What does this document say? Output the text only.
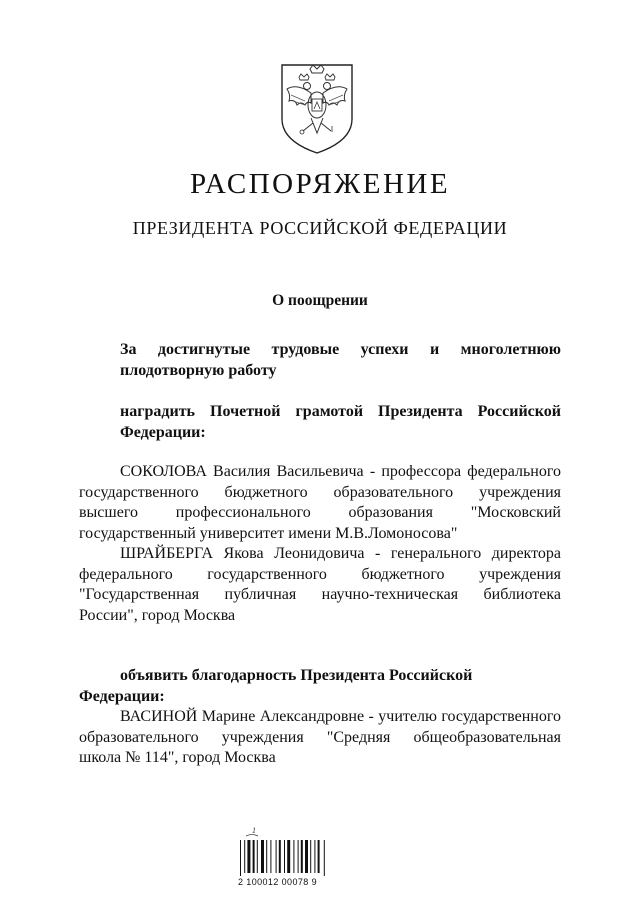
РАСПОРЯЖЕНИЕ
ПРЕЗИДЕНТА РОССИЙСКОЙ ФЕДЕРАЦИИ
О поощрении
За достигнутые трудовые успехи и многолетнюю
плодотворную работу
наградить Почетной грамотой Президента Российской
Федерации:
СОКОЛОВА Василия Васильевича - профессора федерального
государственного бюджетного образовательного учреждения
высшего профессионального образования "Московский
государственный университет имени М.В.Ломоносова"
ШРАЙБЕРГА Якова Леонидовича - генерального директора
федерального государственного бюджетного учреждения
"Государственная публичная научно-техническая библиотека
России", город Москва
объявить благодарность Президента Российской Федерации:
ВАСИНОЙ Марине Александровне - учителю государственного
образовательного учреждения "Средняя общеобразовательная
школа № 114", город Москва
1
2 100012 00078 9
